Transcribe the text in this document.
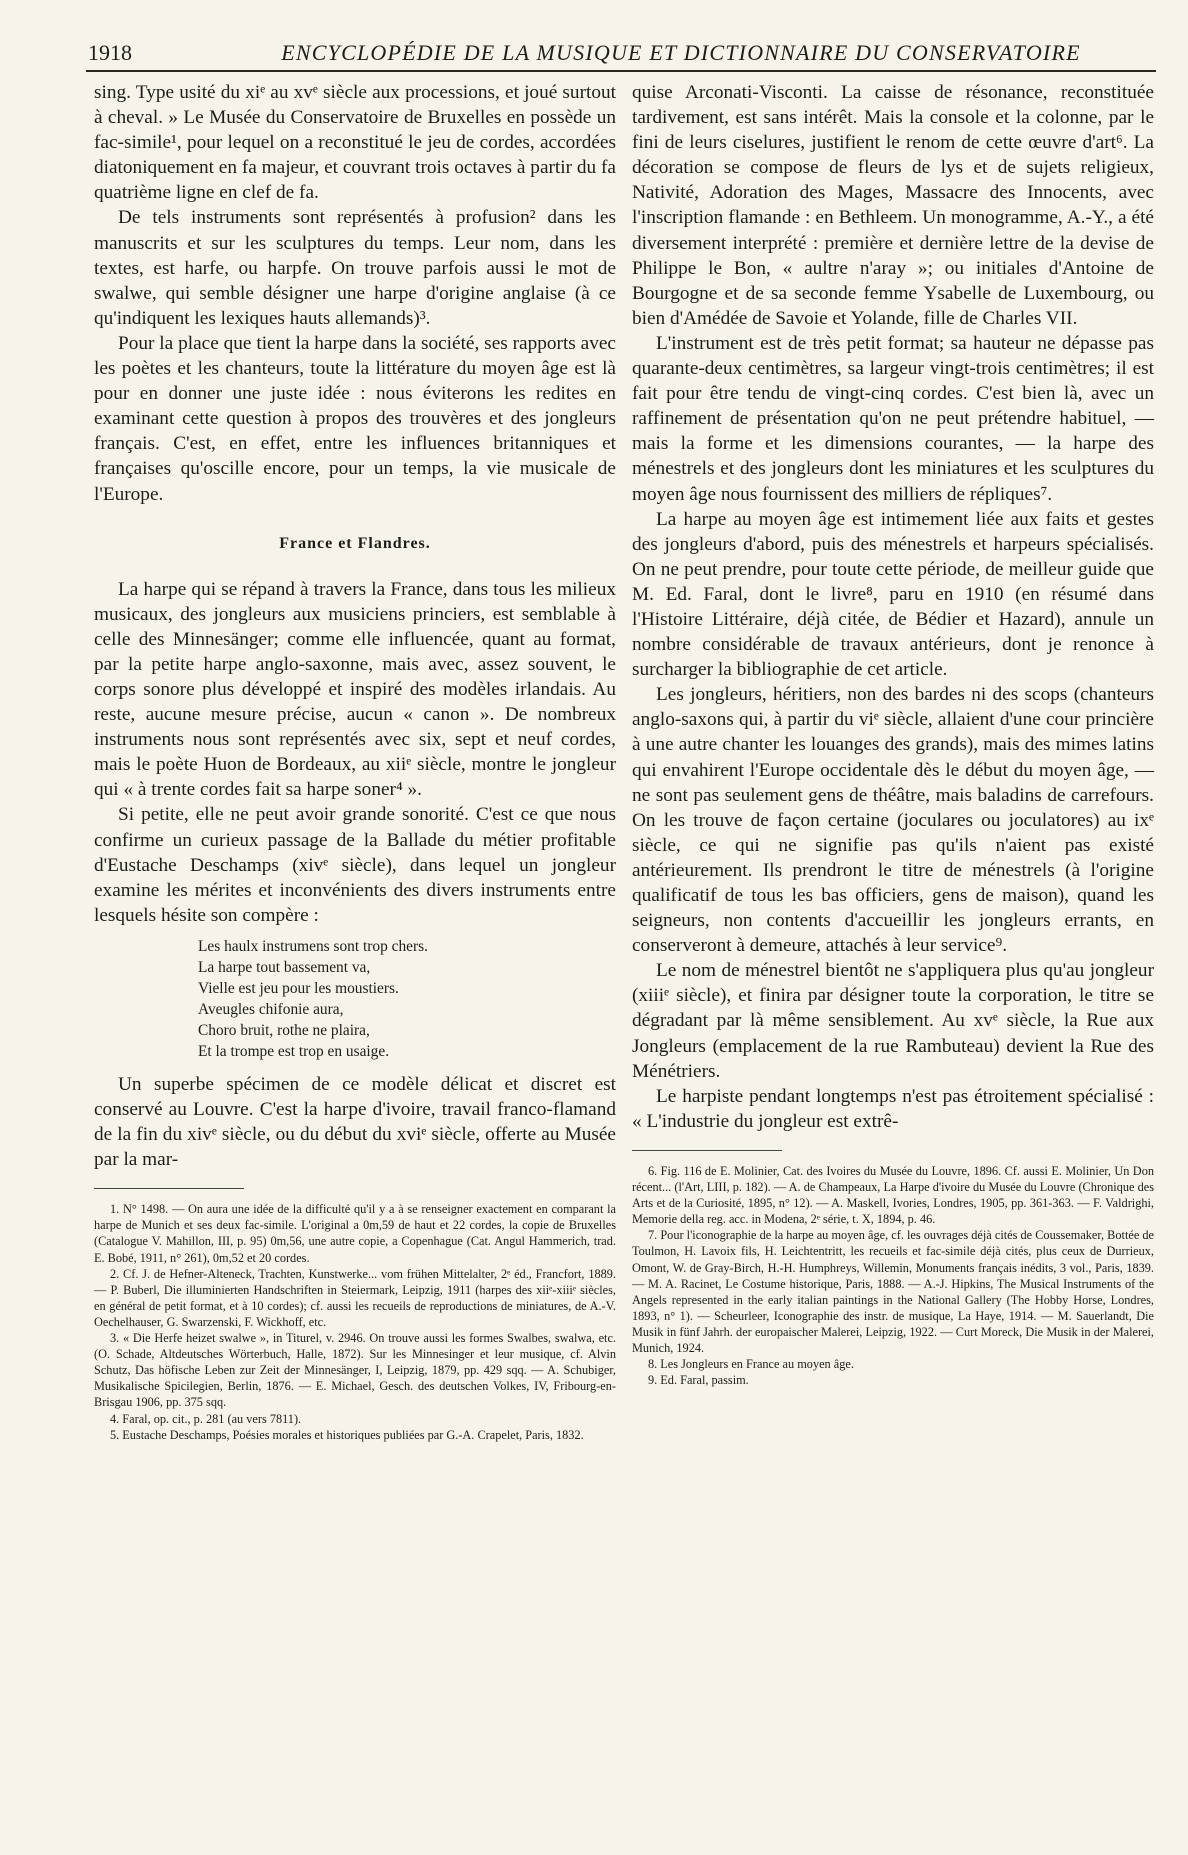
1918	ENCYCLOPÉDIE DE LA MUSIQUE ET DICTIONNAIRE DU CONSERVATOIRE

sing. Type usité du xiᵉ au xvᵉ siècle aux processions, et joué surtout à cheval. » Le Musée du Conservatoire de Bruxelles en possède un fac-simile¹, pour lequel on a reconstitué le jeu de cordes, accordées diatoniquement en fa majeur, et couvrant trois octaves à partir du fa quatrième ligne en clef de fa.

De tels instruments sont représentés à profusion² dans les manuscrits et sur les sculptures du temps. Leur nom, dans les textes, est harfe, ou harpfe. On trouve parfois aussi le mot de swalwe, qui semble désigner une harpe d'origine anglaise (à ce qu'indiquent les lexiques hauts allemands)³.

Pour la place que tient la harpe dans la société, ses rapports avec les poètes et les chanteurs, toute la littérature du moyen âge est là pour en donner une juste idée : nous éviterons les redites en examinant cette question à propos des trouvères et des jongleurs français. C'est, en effet, entre les influences britanniques et françaises qu'oscille encore, pour un temps, la vie musicale de l'Europe.

France et Flandres.

La harpe qui se répand à travers la France, dans tous les milieux musicaux, des jongleurs aux musiciens princiers, est semblable à celle des Minnesänger; comme elle influencée, quant au format, par la petite harpe anglo-saxonne, mais avec, assez souvent, le corps sonore plus développé et inspiré des modèles irlandais. Au reste, aucune mesure précise, aucun « canon ». De nombreux instruments nous sont représentés avec six, sept et neuf cordes, mais le poète Huon de Bordeaux, au xiiᵉ siècle, montre le jongleur qui « à trente cordes fait sa harpe soner⁴ ».

Si petite, elle ne peut avoir grande sonorité. C'est ce que nous confirme un curieux passage de la Ballade du métier profitable d'Eustache Deschamps (xivᵉ siècle), dans lequel un jongleur examine les mérites et inconvénients des divers instruments entre lesquels hésite son compère :

Les haulx instrumens sont trop chers.
La harpe tout bassement va,
Vielle est jeu pour les moustiers.
Aveugles chifonie aura,
Choro bruit, rothe ne plaira,
Et la trompe est trop en usaige.

Un superbe spécimen de ce modèle délicat et discret est conservé au Louvre. C'est la harpe d'ivoire, travail franco-flamand de la fin du xivᵉ siècle, ou du début du xviᵉ siècle, offerte au Musée par la mar-

1. N° 1498. — On aura une idée de la difficulté qu'il y a à se renseigner exactement en comparant la harpe de Munich et ses deux fac-simile. L'original a 0m,59 de haut et 22 cordes, la copie de Bruxelles (Catalogue V. Mahillon, III, p. 95) 0m,56, une autre copie, a Copenhague (Cat. Angul Hammerich, trad. E. Bobé, 1911, n° 261), 0m,52 et 20 cordes.
2. Cf. J. de Hefner-Alteneck, Trachten, Kunstwerke... vom frühen Mittelalter, 2ᵉ éd., Francfort, 1889. — P. Buberl, Die illuminierten Handschriften in Steiermark, Leipzig, 1911 (harpes des xiiᵉ-xiiiᵉ siècles, en général de petit format, et à 10 cordes); cf. aussi les recueils de reproductions de miniatures, de A.-V. Oechelhauser, G. Swarzenski, F. Wickhoff, etc.
3. « Die Herfe heizet swalwe », in Titurel, v. 2946. On trouve aussi les formes Swalbes, swalwa, etc. (O. Schade, Altdeutsches Wörterbuch, Halle, 1872). Sur les Minnesinger et leur musique, cf. Alvin Schutz, Das höfische Leben zur Zeit der Minnesänger, I, Leipzig, 1879, pp. 429 sqq. — A. Schubiger, Musikalische Spicilegien, Berlin, 1876. — E. Michael, Gesch. des deutschen Volkes, IV, Fribourg-en-Brisgau 1906, pp. 375 sqq.
4. Faral, op. cit., p. 281 (au vers 7811).
5. Eustache Deschamps, Poésies morales et historiques publiées par G.-A. Crapelet, Paris, 1832.

quise Arconati-Visconti. La caisse de résonance, reconstituée tardivement, est sans intérêt. Mais la console et la colonne, par le fini de leurs ciselures, justifient le renom de cette œuvre d'art⁶. La décoration se compose de fleurs de lys et de sujets religieux, Nativité, Adoration des Mages, Massacre des Innocents, avec l'inscription flamande : en Bethleem. Un monogramme, A.-Y., a été diversement interprété : première et dernière lettre de la devise de Philippe le Bon, « aultre n'aray »; ou initiales d'Antoine de Bourgogne et de sa seconde femme Ysabelle de Luxembourg, ou bien d'Amédée de Savoie et Yolande, fille de Charles VII.

L'instrument est de très petit format; sa hauteur ne dépasse pas quarante-deux centimètres, sa largeur vingt-trois centimètres; il est fait pour être tendu de vingt-cinq cordes. C'est bien là, avec un raffinement de présentation qu'on ne peut prétendre habituel, — mais la forme et les dimensions courantes, — la harpe des ménestrels et des jongleurs dont les miniatures et les sculptures du moyen âge nous fournissent des milliers de répliques⁷.

La harpe au moyen âge est intimement liée aux faits et gestes des jongleurs d'abord, puis des ménestrels et harpeurs spécialisés. On ne peut prendre, pour toute cette période, de meilleur guide que M. Ed. Faral, dont le livre⁸, paru en 1910 (en résumé dans l'Histoire Littéraire, déjà citée, de Bédier et Hazard), annule un nombre considérable de travaux antérieurs, dont je renonce à surcharger la bibliographie de cet article.

Les jongleurs, héritiers, non des bardes ni des scops (chanteurs anglo-saxons qui, à partir du viᵉ siècle, allaient d'une cour princière à une autre chanter les louanges des grands), mais des mimes latins qui envahirent l'Europe occidentale dès le début du moyen âge, — ne sont pas seulement gens de théâtre, mais baladins de carrefours. On les trouve de façon certaine (joculares ou joculatores) au ixᵉ siècle, ce qui ne signifie pas qu'ils n'aient pas existé antérieurement. Ils prendront le titre de ménestrels (à l'origine qualificatif de tous les bas officiers, gens de maison), quand les seigneurs, non contents d'accueillir les jongleurs errants, en conserveront à demeure, attachés à leur service⁹.

Le nom de ménestrel bientôt ne s'appliquera plus qu'au jongleur (xiiiᵉ siècle), et finira par désigner toute la corporation, le titre se dégradant par là même sensiblement. Au xvᵉ siècle, la Rue aux Jongleurs (emplacement de la rue Rambuteau) devient la Rue des Ménétriers.

Le harpiste pendant longtemps n'est pas étroitement spécialisé : « L'industrie du jongleur est extrê-

6. Fig. 116 de E. Molinier, Cat. des Ivoires du Musée du Louvre, 1896. Cf. aussi E. Molinier, Un Don récent... (l'Art, LIII, p. 182). — A. de Champeaux, La Harpe d'ivoire du Musée du Louvre (Chronique des Arts et de la Curiosité, 1895, n° 12). — A. Maskell, Ivories, Londres, 1905, pp. 361-363. — F. Valdrighi, Memorie della reg. acc. in Modena, 2ᵉ série, t. X, 1894, p. 46.
7. Pour l'iconographie de la harpe au moyen âge, cf. les ouvrages déjà cités de Coussemaker, Bottée de Toulmon, H. Lavoix fils, H. Leichtentritt, les recueils et fac-simile déjà cités, plus ceux de Durrieux, Omont, W. de Gray-Birch, H.-H. Humphreys, Willemin, Monuments français inédits, 3 vol., Paris, 1839. — M. A. Racinet, Le Costume historique, Paris, 1888. — A.-J. Hipkins, The Musical Instruments of the Angels represented in the early italian paintings in the National Gallery (The Hobby Horse, Londres, 1893, n° 1). — Scheurleer, Iconographie des instr. de musique, La Haye, 1914. — M. Sauerlandt, Die Musik in fünf Jahrh. der europaischer Malerei, Leipzig, 1922. — Curt Moreck, Die Musik in der Malerei, Munich, 1924.
8. Les Jongleurs en France au moyen âge.
9. Ed. Faral, passim.
